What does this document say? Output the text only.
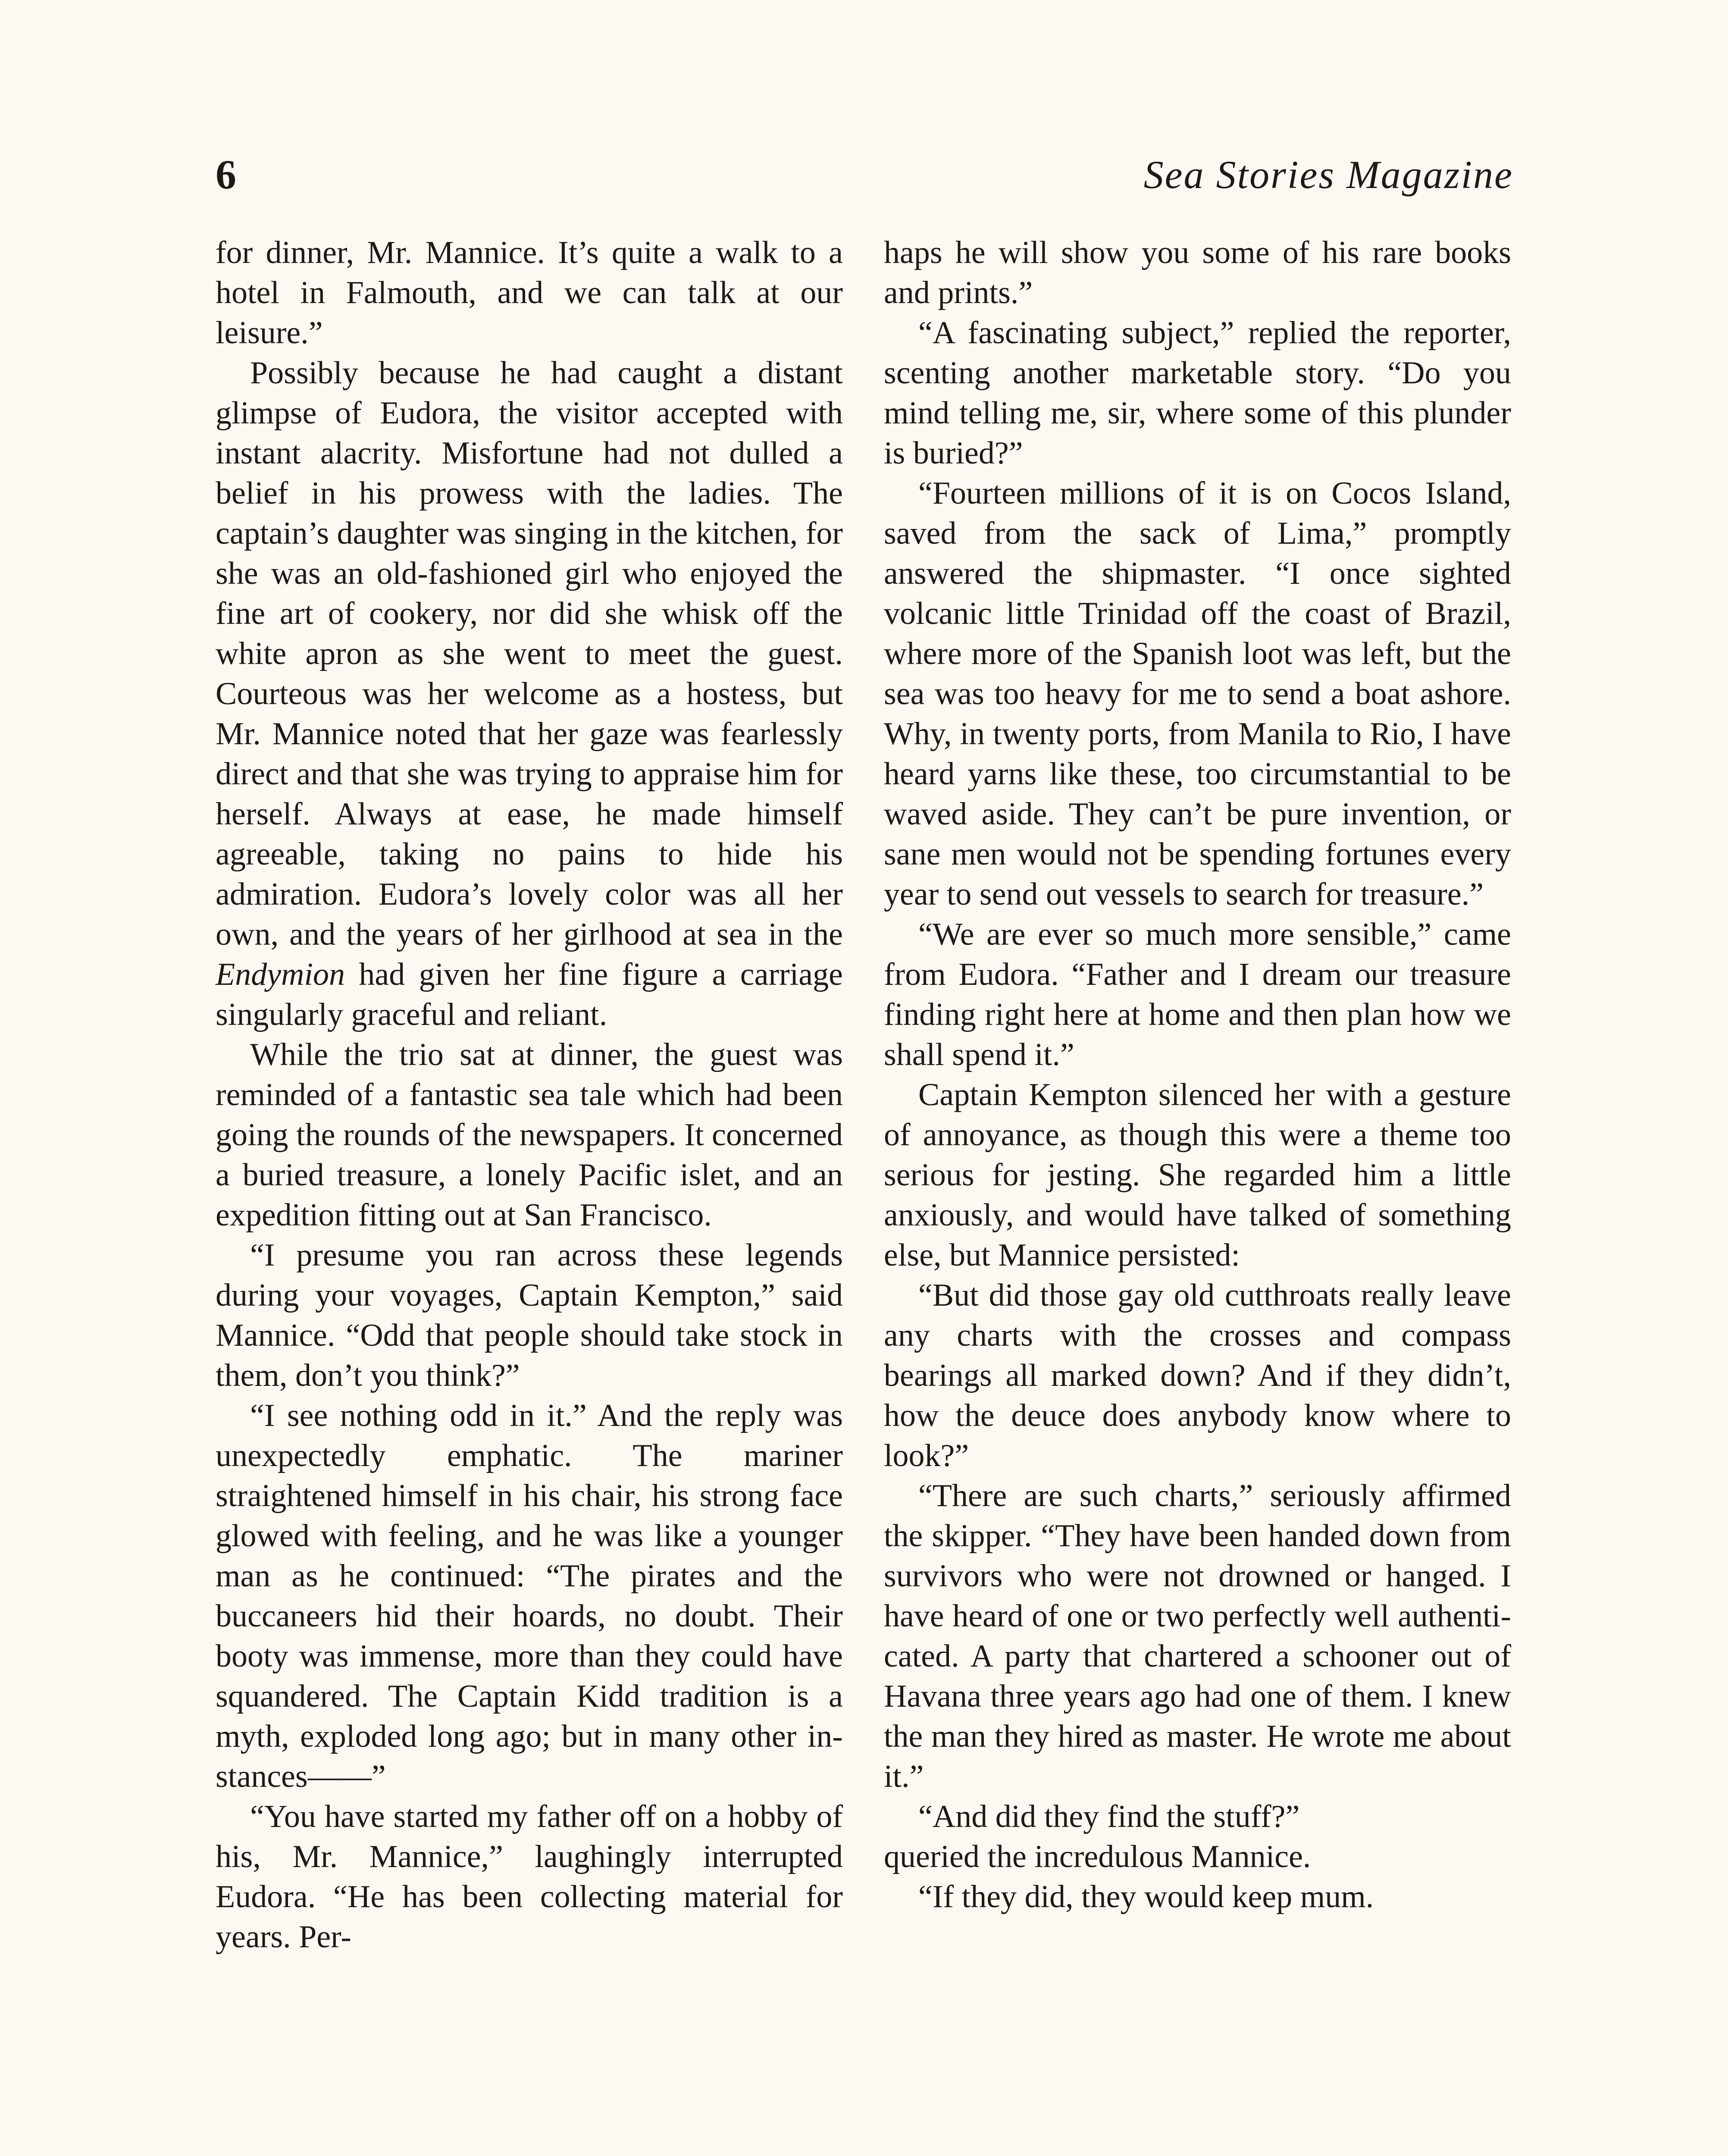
6	Sea Stories Magazine

for dinner, Mr. Mannice. It’s quite a walk to a hotel in Falmouth, and we can talk at our leisure.”

Possibly because he had caught a distant glimpse of Eudora, the visitor accepted with instant alacrity. Misfortune had not dulled a belief in his prowess with the ladies. The captain’s daughter was singing in the kitchen, for she was an old-fashioned girl who enjoyed the fine art of cookery, nor did she whisk off the white apron as she went to meet the guest. Courteous was her welcome as a hostess, but Mr. Mannice noted that her gaze was fearlessly direct and that she was trying to appraise him for herself. Always at ease, he made himself agreeable, taking no pains to hide his admiration. Eudora’s lovely color was all her own, and the years of her girlhood at sea in the Endymion had given her fine figure a carriage singularly graceful and reliant.

While the trio sat at dinner, the guest was reminded of a fantastic sea tale which had been going the rounds of the newspapers. It concerned a buried treasure, a lonely Pacific islet, and an expedition fitting out at San Francisco.

“I presume you ran across these legends during your voyages, Captain Kempton,” said Mannice. “Odd that people should take stock in them, don’t you think?”

“I see nothing odd in it.” And the reply was unexpectedly emphatic. The mariner straightened himself in his chair, his strong face glowed with feeling, and he was like a younger man as he continued: “The pirates and the buccaneers hid their hoards, no doubt. Their booty was immense, more than they could have squandered. The Captain Kidd tradition is a myth, exploded long ago; but in many other instances——”

“You have started my father off on a hobby of his, Mr. Mannice,” laughingly interrupted Eudora. “He has been collecting material for years. Per-

haps he will show you some of his rare books and prints.”

“A fascinating subject,” replied the reporter, scenting another marketable story. “Do you mind telling me, sir, where some of this plunder is buried?”

“Fourteen millions of it is on Cocos Island, saved from the sack of Lima,” promptly answered the shipmaster. “I once sighted volcanic little Trinidad off the coast of Brazil, where more of the Spanish loot was left, but the sea was too heavy for me to send a boat ashore. Why, in twenty ports, from Manila to Rio, I have heard yarns like these, too circumstantial to be waved aside. They can’t be pure invention, or sane men would not be spending fortunes every year to send out vessels to search for treasure.”

“We are ever so much more sensible,” came from Eudora. “Father and I dream our treasure finding right here at home and then plan how we shall spend it.”

Captain Kempton silenced her with a gesture of annoyance, as though this were a theme too serious for jesting. She regarded him a little anxiously, and would have talked of something else, but Mannice persisted:

“But did those gay old cutthroats really leave any charts with the crosses and compass bearings all marked down? And if they didn’t, how the deuce does anybody know where to look?”

“There are such charts,” seriously affirmed the skipper. “They have been handed down from survivors who were not drowned or hanged. I have heard of one or two perfectly well authenticated. A party that chartered a schooner out of Havana three years ago had one of them. I knew the man they hired as master. He wrote me about it.”

“And did they find the stuff?”

queried the incredulous Mannice.

“If they did, they would keep mum.
